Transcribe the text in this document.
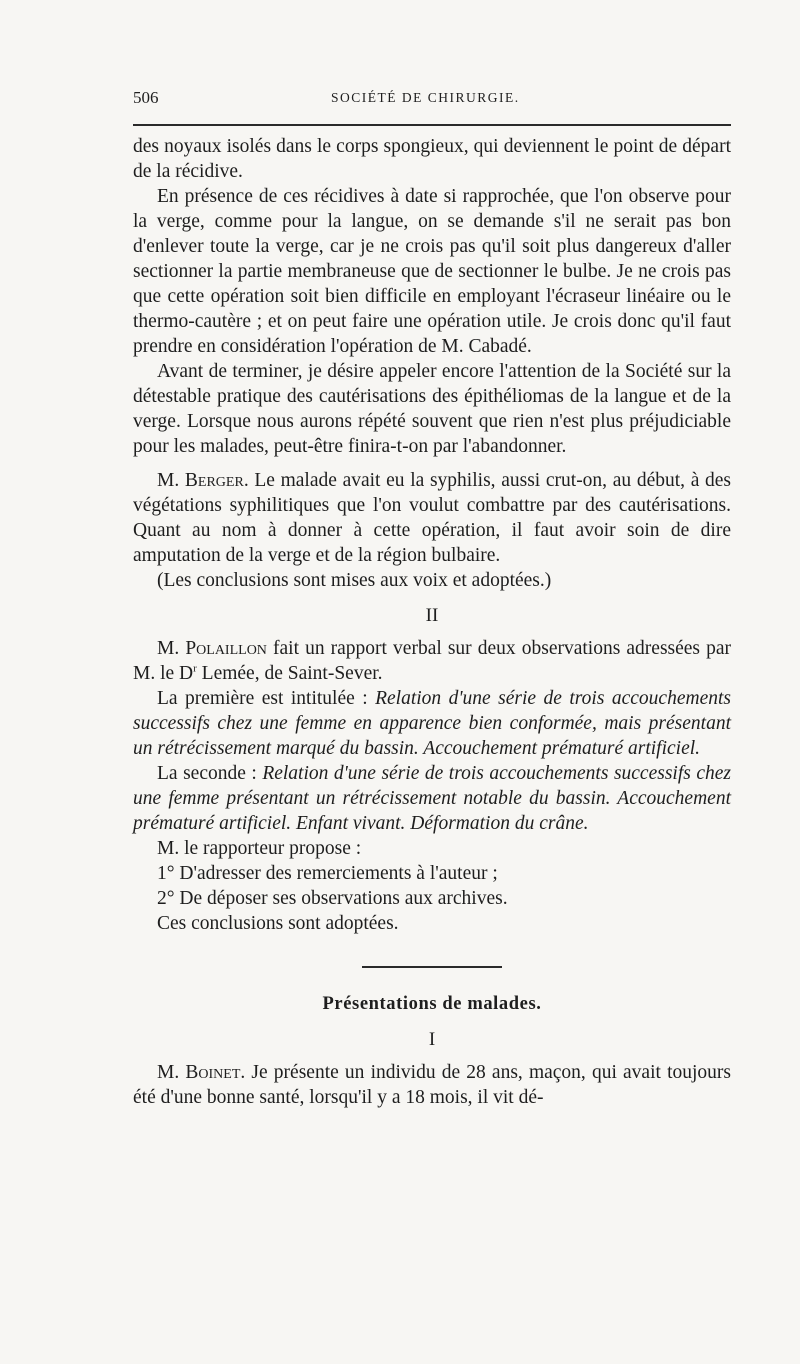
506	SOCIÉTÉ DE CHIRURGIE.

des noyaux isolés dans le corps spongieux, qui deviennent le point de départ de la récidive.

En présence de ces récidives à date si rapprochée, que l'on observe pour la verge, comme pour la langue, on se demande s'il ne serait pas bon d'enlever toute la verge, car je ne crois pas qu'il soit plus dangereux d'aller sectionner la partie membraneuse que de sectionner le bulbe. Je ne crois pas que cette opération soit bien difficile en employant l'écraseur linéaire ou le thermo-cautère ; et on peut faire une opération utile. Je crois donc qu'il faut prendre en considération l'opération de M. Cabadé.

Avant de terminer, je désire appeler encore l'attention de la Société sur la détestable pratique des cautérisations des épithéliomas de la langue et de la verge. Lorsque nous aurons répété souvent que rien n'est plus préjudiciable pour les malades, peut-être finira-t-on par l'abandonner.

M. Berger. Le malade avait eu la syphilis, aussi crut-on, au début, à des végétations syphilitiques que l'on voulut combattre par des cautérisations. Quant au nom à donner à cette opération, il faut avoir soin de dire amputation de la verge et de la région bulbaire.

(Les conclusions sont mises aux voix et adoptées.)

II

M. Polaillon fait un rapport verbal sur deux observations adressées par M. le $D^r$ Lemée, de Saint-Sever.

La première est intitulée : Relation d'une série de trois accouchements successifs chez une femme en apparence bien conformée, mais présentant un rétrécissement marqué du bassin. Accouchement prématuré artificiel.

La seconde : Relation d'une série de trois accouchements successifs chez une femme présentant un rétrécissement notable du bassin. Accouchement prématuré artificiel. Enfant vivant. Déformation du crâne.

M. le rapporteur propose :

1° D'adresser des remerciements à l'auteur ;

2° De déposer ses observations aux archives.

Ces conclusions sont adoptées.

Présentations de malades.
I

M. Boinet. Je présente un individu de 28 ans, maçon, qui avait toujours été d'une bonne santé, lorsqu'il y a 18 mois, il vit dé-
